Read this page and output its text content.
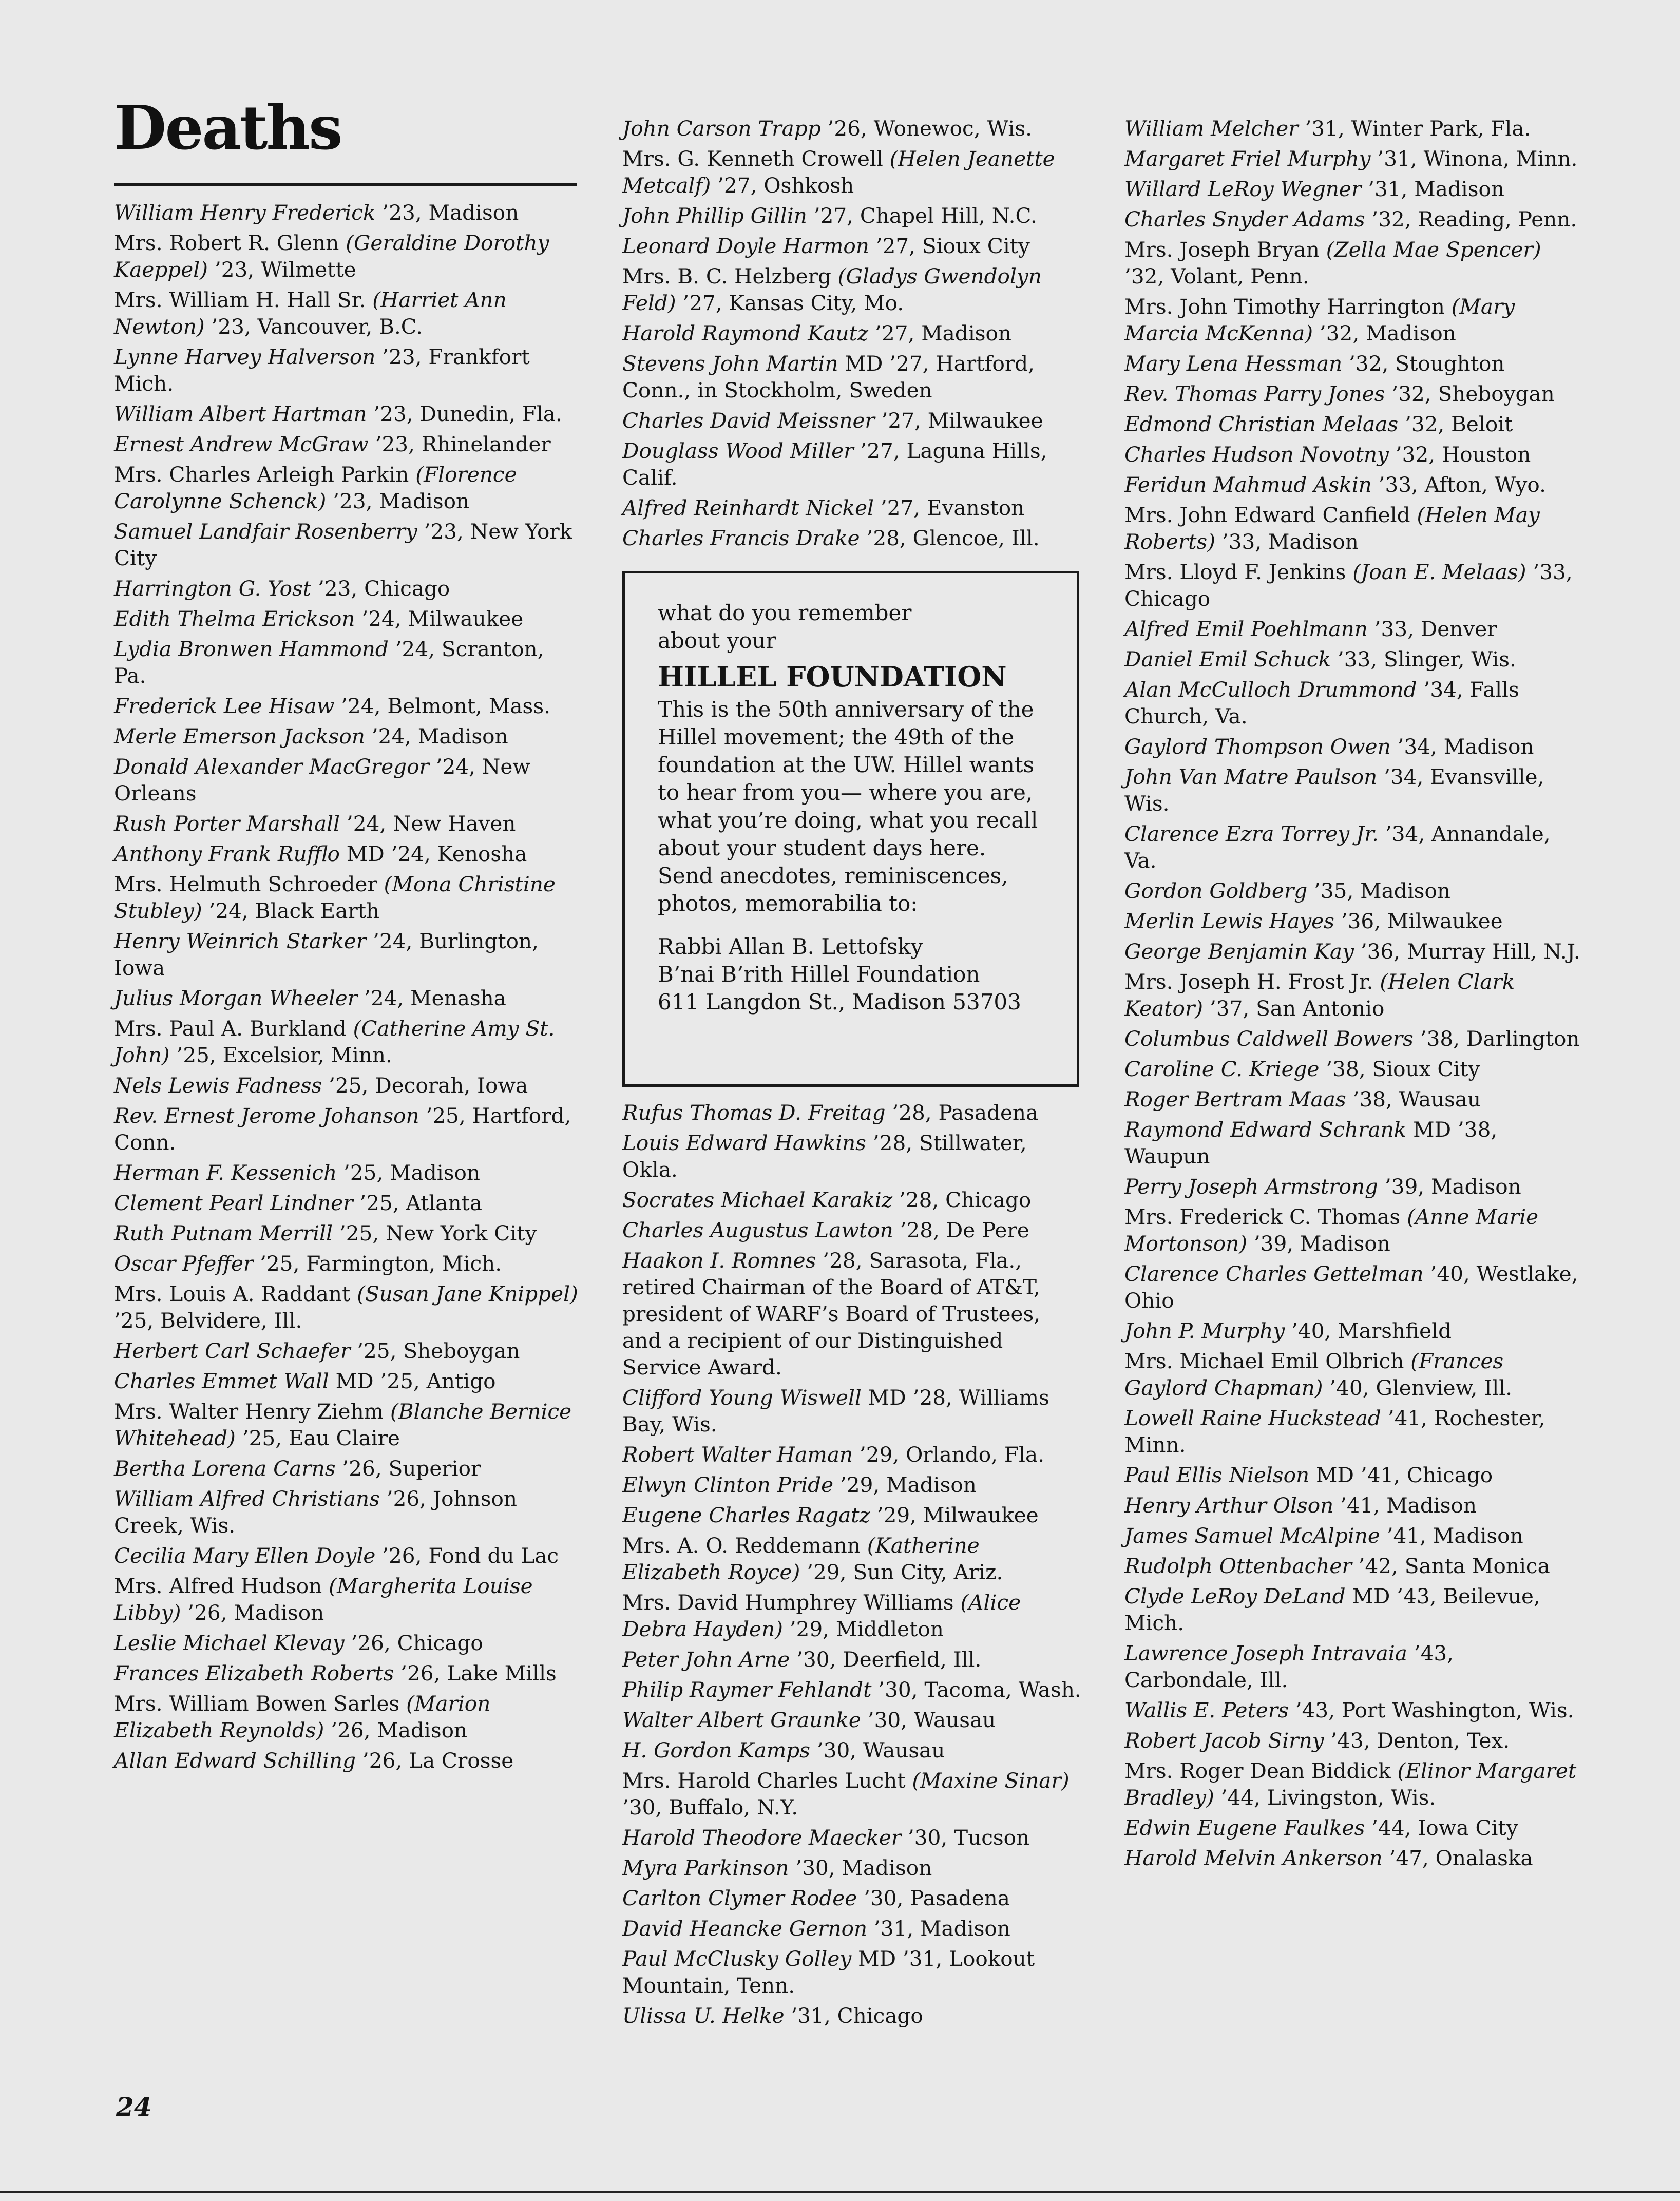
Deaths

William Henry Frederick ’23, Madison

Mrs. Robert R. Glenn (Geraldine Dorothy Kaeppel) ’23, Wilmette

Mrs. William H. Hall Sr. (Harriet Ann Newton) ’23, Vancouver, B.C.

Lynne Harvey Halverson ’23, Frankfort Mich.

William Albert Hartman ’23, Dunedin, Fla.

Ernest Andrew McGraw ’23, Rhinelander

Mrs. Charles Arleigh Parkin (Florence Carolynne Schenck) ’23, Madison

Samuel Landfair Rosenberry ’23, New York City

Harrington G. Yost ’23, Chicago

Edith Thelma Erickson ’24, Milwaukee

Lydia Bronwen Hammond ’24, Scranton, Pa.

Frederick Lee Hisaw ’24, Belmont, Mass.

Merle Emerson Jackson ’24, Madison

Donald Alexander MacGregor ’24, New Orleans

Rush Porter Marshall ’24, New Haven

Anthony Frank Rufflo MD ’24, Kenosha

Mrs. Helmuth Schroeder (Mona Christine Stubley) ’24, Black Earth

Henry Weinrich Starker ’24, Burlington, Iowa

Julius Morgan Wheeler ’24, Menasha

Mrs. Paul A. Burkland (Catherine Amy St. John) ’25, Excelsior, Minn.

Nels Lewis Fadness ’25, Decorah, Iowa

Rev. Ernest Jerome Johanson ’25, Hartford, Conn.

Herman F. Kessenich ’25, Madison

Clement Pearl Lindner ’25, Atlanta

Ruth Putnam Merrill ’25, New York City

Oscar Pfeffer ’25, Farmington, Mich.

Mrs. Louis A. Raddant (Susan Jane Knippel) ’25, Belvidere, Ill.

Herbert Carl Schaefer ’25, Sheboygan

Charles Emmet Wall MD ’25, Antigo

Mrs. Walter Henry Ziehm (Blanche Bernice Whitehead) ’25, Eau Claire

Bertha Lorena Carns ’26, Superior

William Alfred Christians ’26, Johnson Creek, Wis.

Cecilia Mary Ellen Doyle ’26, Fond du Lac

Mrs. Alfred Hudson (Margherita Louise Libby) ’26, Madison

Leslie Michael Klevay ’26, Chicago

Frances Elizabeth Roberts ’26, Lake Mills

Mrs. William Bowen Sarles (Marion Elizabeth Reynolds) ’26, Madison

Allan Edward Schilling ’26, La Crosse

John Carson Trapp ’26, Wonewoc, Wis.

Mrs. G. Kenneth Crowell (Helen Jeanette Metcalf) ’27, Oshkosh

John Phillip Gillin ’27, Chapel Hill, N.C.

Leonard Doyle Harmon ’27, Sioux City

Mrs. B. C. Helzberg (Gladys Gwendolyn Feld) ’27, Kansas City, Mo.

Harold Raymond Kautz ’27, Madison

Stevens John Martin MD ’27, Hartford, Conn., in Stockholm, Sweden

Charles David Meissner ’27, Milwaukee

Douglass Wood Miller ’27, Laguna Hills, Calif.

Alfred Reinhardt Nickel ’27, Evanston

Charles Francis Drake ’28, Glencoe, Ill.

what do you remember

about your

HILLEL FOUNDATION

This is the 50th anniversary of the Hillel movement; the 49th of the foundation at the UW. Hillel wants to hear from you— where you are, what you’re doing, what you recall about your student days here. Send anecdotes, reminiscences, photos, memorabilia to:

Rabbi Allan B. Lettofsky

B’nai B’rith Hillel Foundation

611 Langdon St., Madison 53703

Rufus Thomas D. Freitag ’28, Pasadena

Louis Edward Hawkins ’28, Stillwater, Okla.

Socrates Michael Karakiz ’28, Chicago

Charles Augustus Lawton ’28, De Pere

Haakon I. Romnes ’28, Sarasota, Fla., retired Chairman of the Board of AT&T, president of WARF’s Board of Trustees, and a recipient of our Distinguished Service Award.

Clifford Young Wiswell MD ’28, Williams Bay, Wis.

Robert Walter Haman ’29, Orlando, Fla.

Elwyn Clinton Pride ’29, Madison

Eugene Charles Ragatz ’29, Milwaukee

Mrs. A. O. Reddemann (Katherine Elizabeth Royce) ’29, Sun City, Ariz.

Mrs. David Humphrey Williams (Alice Debra Hayden) ’29, Middleton

Peter John Arne ’30, Deerfield, Ill.

Philip Raymer Fehlandt ’30, Tacoma, Wash.

Walter Albert Graunke ’30, Wausau

H. Gordon Kamps ’30, Wausau

Mrs. Harold Charles Lucht (Maxine Sinar) ’30, Buffalo, N.Y.

Harold Theodore Maecker ’30, Tucson

Myra Parkinson ’30, Madison

Carlton Clymer Rodee ’30, Pasadena

David Heancke Gernon ’31, Madison

Paul McClusky Golley MD ’31, Lookout Mountain, Tenn.

Ulissa U. Helke ’31, Chicago

William Melcher ’31, Winter Park, Fla.

Margaret Friel Murphy ’31, Winona, Minn.

Willard LeRoy Wegner ’31, Madison

Charles Snyder Adams ’32, Reading, Penn.

Mrs. Joseph Bryan (Zella Mae Spencer) ’32, Volant, Penn.

Mrs. John Timothy Harrington (Mary Marcia McKenna) ’32, Madison

Mary Lena Hessman ’32, Stoughton

Rev. Thomas Parry Jones ’32, Sheboygan

Edmond Christian Melaas ’32, Beloit

Charles Hudson Novotny ’32, Houston

Feridun Mahmud Askin ’33, Afton, Wyo.

Mrs. John Edward Canfield (Helen May Roberts) ’33, Madison

Mrs. Lloyd F. Jenkins (Joan E. Melaas) ’33, Chicago

Alfred Emil Poehlmann ’33, Denver

Daniel Emil Schuck ’33, Slinger, Wis.

Alan McCulloch Drummond ’34, Falls Church, Va.

Gaylord Thompson Owen ’34, Madison

John Van Matre Paulson ’34, Evansville, Wis.

Clarence Ezra Torrey Jr. ’34, Annandale, Va.

Gordon Goldberg ’35, Madison

Merlin Lewis Hayes ’36, Milwaukee

George Benjamin Kay ’36, Murray Hill, N.J.

Mrs. Joseph H. Frost Jr. (Helen Clark Keator) ’37, San Antonio

Columbus Caldwell Bowers ’38, Darlington

Caroline C. Kriege ’38, Sioux City

Roger Bertram Maas ’38, Wausau

Raymond Edward Schrank MD ’38, Waupun

Perry Joseph Armstrong ’39, Madison

Mrs. Frederick C. Thomas (Anne Marie Mortonson) ’39, Madison

Clarence Charles Gettelman ’40, Westlake, Ohio

John P. Murphy ’40, Marshfield

Mrs. Michael Emil Olbrich (Frances Gaylord Chapman) ’40, Glenview, Ill.

Lowell Raine Huckstead ’41, Rochester, Minn.

Paul Ellis Nielson MD ’41, Chicago

Henry Arthur Olson ’41, Madison

James Samuel McAlpine ’41, Madison

Rudolph Ottenbacher ’42, Santa Monica

Clyde LeRoy DeLand MD ’43, Beilevue, Mich.

Lawrence Joseph Intravaia ’43, Carbondale, Ill.

Wallis E. Peters ’43, Port Washington, Wis.

Robert Jacob Sirny ’43, Denton, Tex.

Mrs. Roger Dean Biddick (Elinor Margaret Bradley) ’44, Livingston, Wis.

Edwin Eugene Faulkes ’44, Iowa City

Harold Melvin Ankerson ’47, Onalaska

24
